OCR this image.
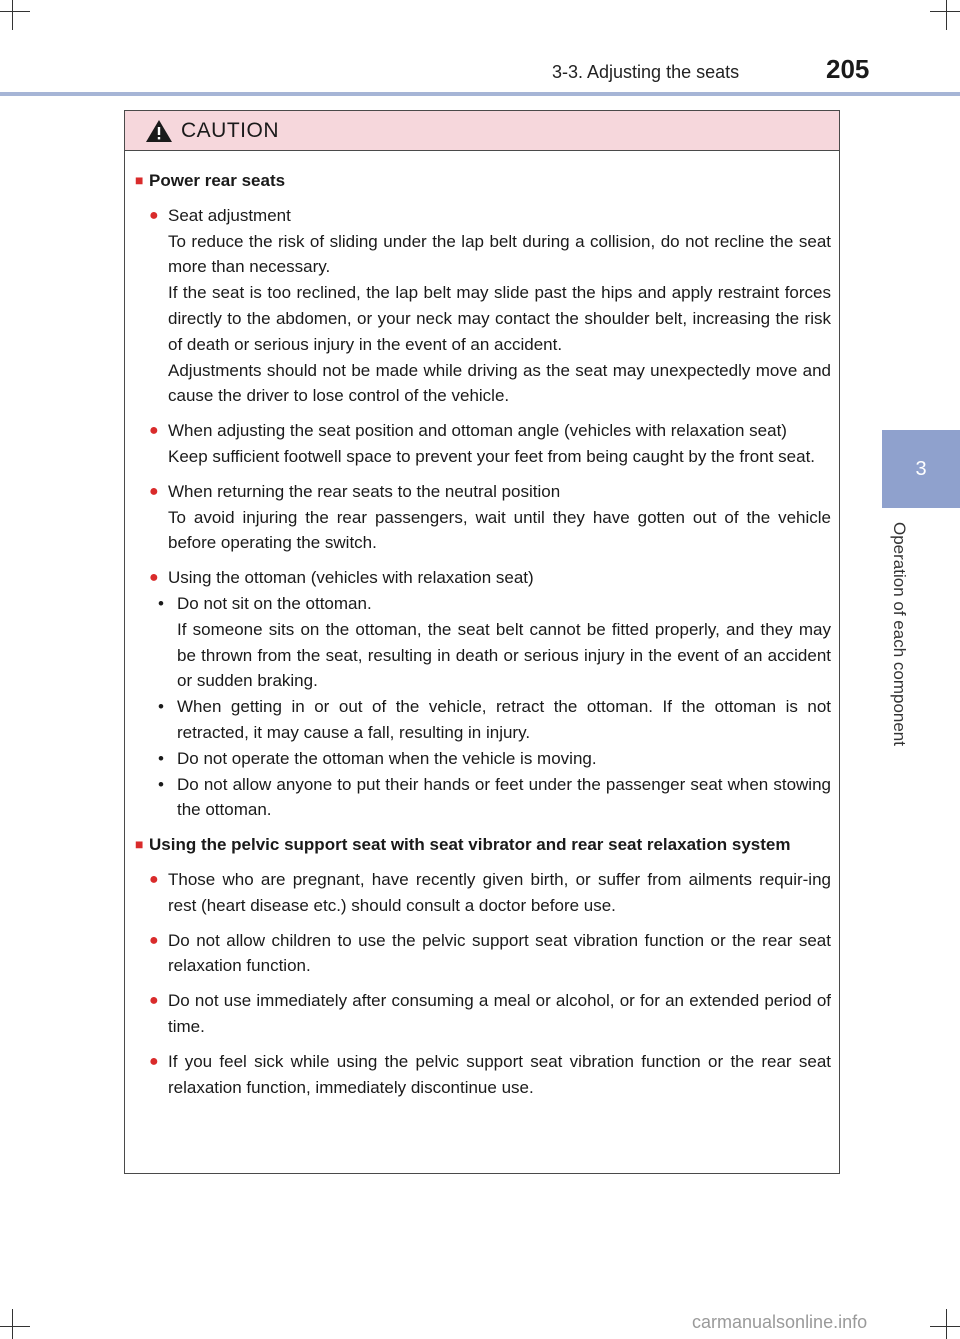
3-3. Adjusting the seats	205
3
Operation of each component
CAUTION
■ Power rear seats
● Seat adjustment

To reduce the risk of sliding under the lap belt during a collision, do not recline the seat more than necessary.

If the seat is too reclined, the lap belt may slide past the hips and apply restraint forces directly to the abdomen, or your neck may contact the shoulder belt, increasing the risk of death or serious injury in the event of an accident.

Adjustments should not be made while driving as the seat may unexpectedly move and cause the driver to lose control of the vehicle.

● When adjusting the seat position and ottoman angle (vehicles with relaxation seat)

Keep sufficient footwell space to prevent your feet from being caught by the front seat.

● When returning the rear seats to the neutral position

To avoid injuring the rear passengers, wait until they have gotten out of the vehicle before operating the switch.

● Using the ottoman (vehicles with relaxation seat)

• Do not sit on the ottoman.
If someone sits on the ottoman, the seat belt cannot be fitted properly, and they may be thrown from the seat, resulting in death or serious injury in the event of an accident or sudden braking.
• When getting in or out of the vehicle, retract the ottoman. If the ottoman is not retracted, it may cause a fall, resulting in injury.
• Do not operate the ottoman when the vehicle is moving.
• Do not allow anyone to put their hands or feet under the passenger seat when stowing the ottoman.
■ Using the pelvic support seat with seat vibrator and rear seat relaxation system
● Those who are pregnant, have recently given birth, or suffer from ailments requir-ing rest (heart disease etc.) should consult a doctor before use.
● Do not allow children to use the pelvic support seat vibration function or the rear seat relaxation function.
● Do not use immediately after consuming a meal or alcohol, or for an extended period of time.
● If you feel sick while using the pelvic support seat vibration function or the rear seat relaxation function, immediately discontinue use.
carmanualsonline.info
